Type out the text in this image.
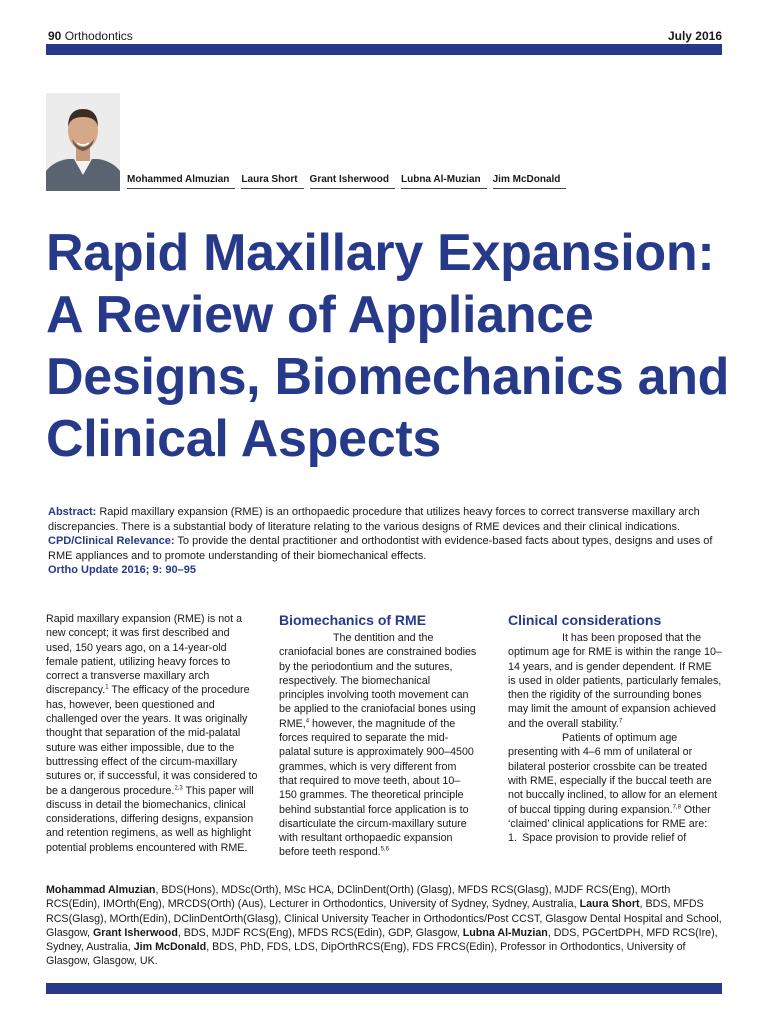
90 Orthodontics	July 2016
Mohammed Almuzian	Laura Short	Grant Isherwood	Lubna Al-Muzian	Jim McDonald
Rapid Maxillary Expansion: A Review of Appliance Designs, Biomechanics and Clinical Aspects

Abstract: Rapid maxillary expansion (RME) is an orthopaedic procedure that utilizes heavy forces to correct transverse maxillary arch discrepancies. There is a substantial body of literature relating to the various designs of RME devices and their clinical indications.

CPD/Clinical Relevance: To provide the dental practitioner and orthodontist with evidence-based facts about types, designs and uses of RME appliances and to promote understanding of their biomechanical effects.

Ortho Update 2016; 9: 90–95

Rapid maxillary expansion (RME) is not a new concept; it was first described and used, 150 years ago, on a 14-year-old female patient, utilizing heavy forces to correct a transverse maxillary arch discrepancy.$^1$ The efficacy of the procedure has, however, been questioned and challenged over the years. It was originally thought that separation of the mid-palatal suture was either impossible, due to the buttressing effect of the circum-maxillary sutures or, if successful, it was considered to be a dangerous procedure.$^{2,3}$ This paper will discuss in detail the biomechanics, clinical considerations, differing designs, expansion and retention regimens, as well as highlight potential problems encountered with RME.

Biomechanics of RME

The dentition and the craniofacial bones are constrained bodies by the periodontium and the sutures, respectively. The biomechanical principles involving tooth movement can be applied to the craniofacial bones using RME,$^4$ however, the magnitude of the forces required to separate the mid-palatal suture is approximately 900–4500 grammes, which is very different from that required to move teeth, about 10–150 grammes. The theoretical principle behind substantial force application is to disarticulate the circum-maxillary suture with resultant orthopaedic expansion before teeth respond.$^{5,6}$

Clinical considerations

It has been proposed that the optimum age for RME is within the range 10–14 years, and is gender dependent. If RME is used in older patients, particularly females, then the rigidity of the surrounding bones may limit the amount of expansion achieved and the overall stability.$^7$

Patients of optimum age presenting with 4–6 mm of unilateral or bilateral posterior crossbite can be treated with RME, especially if the buccal teeth are not buccally inclined, to allow for an element of buccal tipping during expansion.$^{7,8}$ Other ‘claimed’ clinical applications for RME are:

1. Space provision to provide relief of

Mohammad Almuzian, BDS(Hons), MDSc(Orth), MSc HCA, DClinDent(Orth) (Glasg), MFDS RCS(Glasg), MJDF RCS(Eng), MOrth RCS(Edin), IMOrth(Eng), MRCDS(Orth) (Aus), Lecturer in Orthodontics, University of Sydney, Sydney, Australia, Laura Short, BDS, MFDS RCS(Glasg), MOrth(Edin), DClinDentOrth(Glasg), Clinical University Teacher in Orthodontics/Post CCST, Glasgow Dental Hospital and School, Glasgow, Grant Isherwood, BDS, MJDF RCS(Eng), MFDS RCS(Edin), GDP, Glasgow, Lubna Al-Muzian, DDS, PGCertDPH, MFD RCS(Ire), Sydney, Australia, Jim McDonald, BDS, PhD, FDS, LDS, DipOrthRCS(Eng), FDS FRCS(Edin), Professor in Orthodontics, University of Glasgow, Glasgow, UK.
